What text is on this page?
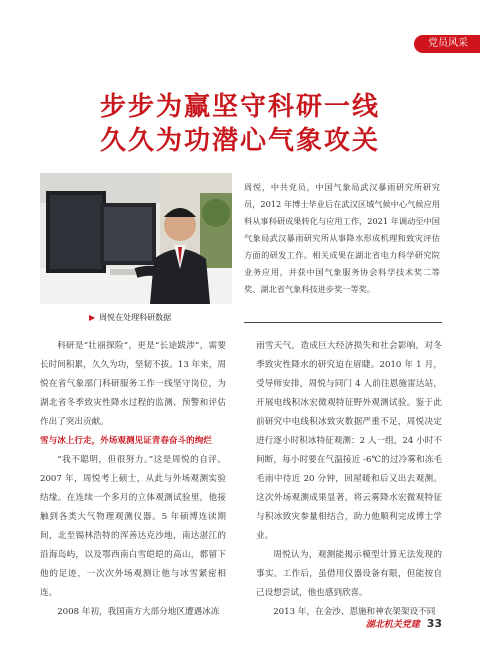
党员风采
步步为赢坚守科研一线
久久为功潜心气象攻关
▶ 周悦在处理科研数据
周悦，中共党员，中国气象局武汉暴雨研究所研究员，2012 年博士毕业后在武汉区域气候中心气候应用科从事科研成果转化与应用工作，2021 年调动至中国气象局武汉暴雨研究所从事降水形成机理和致灾评估方面的研发工作。相关成果在湖北省电力科学研究院业务应用，并获中国气象服务协会科学技术奖二等奖、湖北省气象科技进步奖一等奖。

科研是“壮丽探险”，更是“长途跋涉”，需要长时间积累，久久为功，坚韧不拔。13 年来，周悦在省气象部门科研服务工作一线坚守岗位，为湖北省冬季致灾性降水过程的监测、预警和评估作出了突出贡献。

雪与冰上行走，外场观测见证青春奋斗的绚烂

“我不聪明，但很努力。”这是周悦的自评。2007 年，周悦考上硕士，从此与外场观测实验结缘。在连续一个多月的立体观测试验里，他接触到各类大气物理观测仪器。5 年硕博连读期间，北至锡林浩特的浑善达克沙地，南达湛江的沿海岛屿，以及鄂西南白雪皑皑的高山，都留下他的足迹，一次次外场观测让他与冰雪紧密相连。

2008 年初，我国南方大部分地区遭遇冰冻

雨雪天气，造成巨大经济损失和社会影响，对冬季致灾性降水的研究迫在眉睫。2010 年 1 月，受导师安排，周悦与同门 4 人前往恩施雷达站，开展电线积冰宏微观特征野外观测试验。鉴于此前研究中电线积冰致灾数据严重不足，周悦决定进行逐小时积冰特征观测：2 人一组，24 小时不间断，每小时要在气温接近 -6℃的过冷雾和冻毛毛雨中待近 20 分钟，回屋暖和后又出去观测。这次外场观测成果显著，将云雾降水宏微观特征与积冰致灾参量相结合，助力他顺利完成博士学业。

周悦认为，观测能揭示模型计算无法发现的事实。工作后，虽借用仪器设备有限，但能按自己设想尝试，他也感到欣喜。

2013 年，在金沙、恩施和神农架架设不同

湖北机关党建 33
